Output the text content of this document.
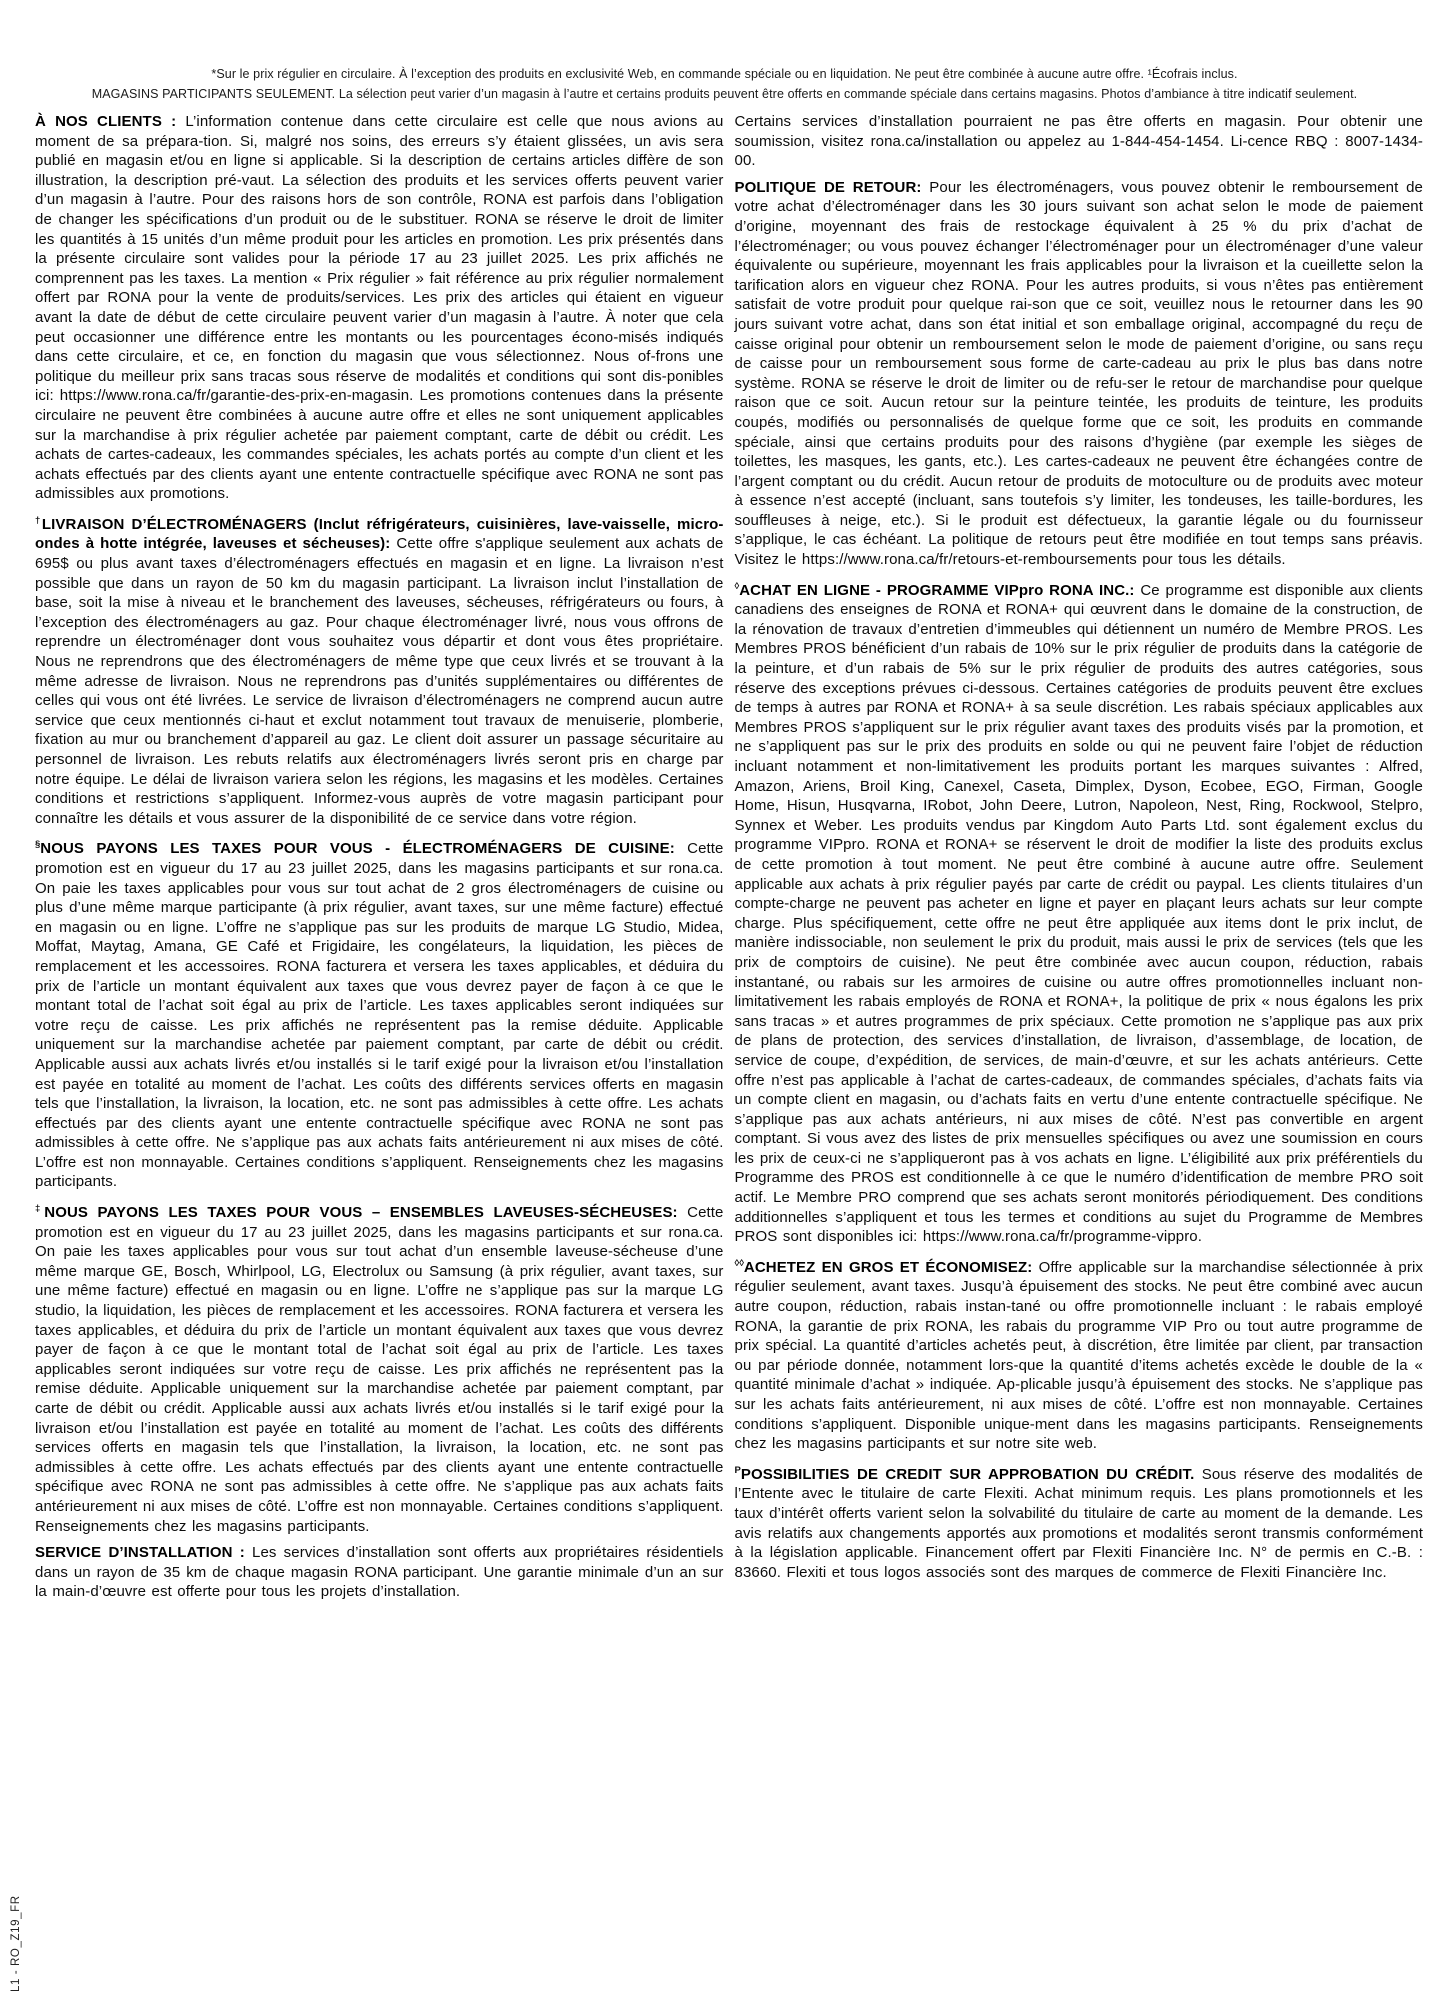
*Sur le prix régulier en circulaire. À l’exception des produits en exclusivité Web, en commande spéciale ou en liquidation. Ne peut être combinée à aucune autre offre. ¹Écofrais inclus.
MAGASINS PARTICIPANTS SEULEMENT. La sélection peut varier d’un magasin à l’autre et certains produits peuvent être offerts en commande spéciale dans certains magasins. Photos d’ambiance à titre indicatif seulement.

À NOS CLIENTS : L’information contenue dans cette circulaire est celle que nous avions au moment de sa prépara-tion. Si, malgré nos soins, des erreurs s’y étaient glissées, un avis sera publié en magasin et/ou en ligne si applicable. Si la description de certains articles diffère de son illustration, la description pré-vaut. La sélection des produits et les services offerts peuvent varier d’un magasin à l’autre. Pour des raisons hors de son contrôle, RONA est parfois dans l’obligation de changer les spécifications d’un produit ou de le substituer. RONA se réserve le droit de limiter les quantités à 15 unités d’un même produit pour les articles en promotion. Les prix présentés dans la présente circulaire sont valides pour la période 17 au 23 juillet 2025. Les prix affichés ne comprennent pas les taxes. La mention « Prix régulier » fait référence au prix régulier normalement offert par RONA pour la vente de produits/services. Les prix des articles qui étaient en vigueur avant la date de début de cette circulaire peuvent varier d’un magasin à l’autre. À noter que cela peut occasionner une différence entre les montants ou les pourcentages écono-misés indiqués dans cette circulaire, et ce, en fonction du magasin que vous sélectionnez. Nous of-frons une politique du meilleur prix sans tracas sous réserve de modalités et conditions qui sont dis-ponibles ici: https://www.rona.ca/fr/garantie-des-prix-en-magasin. Les promotions contenues dans la présente circulaire ne peuvent être combinées à aucune autre offre et elles ne sont uniquement applicables sur la marchandise à prix régulier achetée par paiement comptant, carte de débit ou crédit. Les achats de cartes-cadeaux, les commandes spéciales, les achats portés au compte d’un client et les achats effectués par des clients ayant une entente contractuelle spécifique avec RONA ne sont pas admissibles aux promotions.

†LIVRAISON D’ÉLECTROMÉNAGERS (Inclut réfrigérateurs, cuisinières, lave-vaisselle, micro-ondes à hotte intégrée, laveuses et sécheuses): Cette offre s'applique seulement aux achats de 695$ ou plus avant taxes d’électroménagers effectués en magasin et en ligne. La livraison n’est possible que dans un rayon de 50 km du magasin participant. La livraison inclut l’installation de base, soit la mise à niveau et le branchement des laveuses, sécheuses, réfrigérateurs ou fours, à l’exception des électroménagers au gaz. Pour chaque électroménager livré, nous vous offrons de reprendre un électroménager dont vous souhaitez vous départir et dont vous êtes propriétaire. Nous ne reprendrons que des électroménagers de même type que ceux livrés et se trouvant à la même adresse de livraison. Nous ne reprendrons pas d’unités supplémentaires ou différentes de celles qui vous ont été livrées. Le service de livraison d’électroménagers ne comprend aucun autre service que ceux mentionnés ci-haut et exclut notamment tout travaux de menuiserie, plomberie, fixation au mur ou branchement d’appareil au gaz. Le client doit assurer un passage sécuritaire au personnel de livraison. Les rebuts relatifs aux électroménagers livrés seront pris en charge par notre équipe. Le délai de livraison variera selon les régions, les magasins et les modèles. Certaines conditions et restrictions s’appliquent. Informez-vous auprès de votre magasin participant pour connaître les détails et vous assurer de la disponibilité de ce service dans votre région.

§NOUS PAYONS LES TAXES POUR VOUS - ÉLECTROMÉNAGERS DE CUISINE: Cette promotion est en vigueur du 17 au 23 juillet 2025, dans les magasins participants et sur rona.ca. On paie les taxes applicables pour vous sur tout achat de 2 gros électroménagers de cuisine ou plus d’une même marque participante (à prix régulier, avant taxes, sur une même facture) effectué en magasin ou en ligne. L’offre ne s’applique pas sur les produits de marque LG Studio, Midea, Moffat, Maytag, Amana, GE Café et Frigidaire, les congélateurs, la liquidation, les pièces de remplacement et les accessoires. RONA facturera et versera les taxes applicables, et déduira du prix de l’article un montant équivalent aux taxes que vous devrez payer de façon à ce que le montant total de l’achat soit égal au prix de l’article. Les taxes applicables seront indiquées sur votre reçu de caisse. Les prix affichés ne représentent pas la remise déduite. Applicable uniquement sur la marchandise achetée par paiement comptant, par carte de débit ou crédit. Applicable aussi aux achats livrés et/ou installés si le tarif exigé pour la livraison et/ou l’installation est payée en totalité au moment de l’achat. Les coûts des différents services offerts en magasin tels que l’installation, la livraison, la location, etc. ne sont pas admissibles à cette offre. Les achats effectués par des clients ayant une entente contractuelle spécifique avec RONA ne sont pas admissibles à cette offre. Ne s’applique pas aux achats faits antérieurement ni aux mises de côté. L’offre est non monnayable. Certaines conditions s’appliquent. Renseignements chez les magasins participants.

‡NOUS PAYONS LES TAXES POUR VOUS – ENSEMBLES LAVEUSES-SÉCHEUSES: Cette promotion est en vigueur du 17 au 23 juillet 2025, dans les magasins participants et sur rona.ca. On paie les taxes applicables pour vous sur tout achat d’un ensemble laveuse-sécheuse d’une même marque GE, Bosch, Whirlpool, LG, Electrolux ou Samsung (à prix régulier, avant taxes, sur une même facture) effectué en magasin ou en ligne. L’offre ne s’applique pas sur la marque LG studio, la liquidation, les pièces de remplacement et les accessoires. RONA facturera et versera les taxes applicables, et déduira du prix de l’article un montant équivalent aux taxes que vous devrez payer de façon à ce que le montant total de l’achat soit égal au prix de l’article. Les taxes applicables seront indiquées sur votre reçu de caisse. Les prix affichés ne représentent pas la remise déduite. Applicable uniquement sur la marchandise achetée par paiement comptant, par carte de débit ou crédit. Applicable aussi aux achats livrés et/ou installés si le tarif exigé pour la livraison et/ou l’installation est payée en totalité au moment de l’achat. Les coûts des différents services offerts en magasin tels que l’installation, la livraison, la location, etc. ne sont pas admissibles à cette offre. Les achats effectués par des clients ayant une entente contractuelle spécifique avec RONA ne sont pas admissibles à cette offre. Ne s’applique pas aux achats faits antérieurement ni aux mises de côté. L’offre est non monnayable. Certaines conditions s’appliquent. Renseignements chez les magasins participants.

SERVICE D’INSTALLATION : Les services d’installation sont offerts aux propriétaires résidentiels dans un rayon de 35 km de chaque magasin RONA participant. Une garantie minimale d’un an sur la main-d’œuvre est offerte pour tous les projets d’installation.

Certains services d’installation pourraient ne pas être offerts en magasin. Pour obtenir une soumission, visitez rona.ca/installation ou appelez au 1-844-454-1454. Li-cence RBQ : 8007-1434-00.

POLITIQUE DE RETOUR: Pour les électroménagers, vous pouvez obtenir le remboursement de votre achat d’électroménager dans les 30 jours suivant son achat selon le mode de paiement d’origine, moyennant des frais de restockage équivalent à 25 % du prix d’achat de l’électroménager; ou vous pouvez échanger l’électroménager pour un électroménager d’une valeur équivalente ou supérieure, moyennant les frais applicables pour la livraison et la cueillette selon la tarification alors en vigueur chez RONA. Pour les autres produits, si vous n’êtes pas entièrement satisfait de votre produit pour quelque rai-son que ce soit, veuillez nous le retourner dans les 90 jours suivant votre achat, dans son état initial et son emballage original, accompagné du reçu de caisse original pour obtenir un remboursement selon le mode de paiement d’origine, ou sans reçu de caisse pour un remboursement sous forme de carte-cadeau au prix le plus bas dans notre système. RONA se réserve le droit de limiter ou de refu-ser le retour de marchandise pour quelque raison que ce soit. Aucun retour sur la peinture teintée, les produits de teinture, les produits coupés, modifiés ou personnalisés de quelque forme que ce soit, les produits en commande spéciale, ainsi que certains produits pour des raisons d’hygiène (par exemple les sièges de toilettes, les masques, les gants, etc.). Les cartes-cadeaux ne peuvent être échangées contre de l’argent comptant ou du crédit. Aucun retour de produits de motoculture ou de produits avec moteur à essence n’est accepté (incluant, sans toutefois s’y limiter, les tondeuses, les taille-bordures, les souffleuses à neige, etc.). Si le produit est défectueux, la garantie légale ou du fournisseur s’applique, le cas échéant. La politique de retours peut être modifiée en tout temps sans préavis. Visitez le https://www.rona.ca/fr/retours-et-remboursements pour tous les détails.

◊ACHAT EN LIGNE - PROGRAMME VIPpro RONA INC.: Ce programme est disponible aux clients canadiens des enseignes de RONA et RONA+ qui œuvrent dans le domaine de la construction, de la rénovation de travaux d’entretien d’immeubles qui détiennent un numéro de Membre PROS. Les Membres PROS bénéficient d’un rabais de 10% sur le prix régulier de produits dans la catégorie de la peinture, et d’un rabais de 5% sur le prix régulier de produits des autres catégories, sous réserve des exceptions prévues ci-dessous. Certaines catégories de produits peuvent être exclues de temps à autres par RONA et RONA+ à sa seule discrétion. Les rabais spéciaux applicables aux Membres PROS s’appliquent sur le prix régulier avant taxes des produits visés par la promotion, et ne s’appliquent pas sur le prix des produits en solde ou qui ne peuvent faire l’objet de réduction incluant notamment et non-limitativement les produits portant les marques suivantes : Alfred, Amazon, Ariens, Broil King, Canexel, Caseta, Dimplex, Dyson, Ecobee, EGO, Firman, Google Home, Hisun, Husqvarna, IRobot, John Deere, Lutron, Napoleon, Nest, Ring, Rockwool, Stelpro, Synnex et Weber. Les produits vendus par Kingdom Auto Parts Ltd. sont également exclus du programme VIPpro. RONA et RONA+ se réservent le droit de modifier la liste des produits exclus de cette promotion à tout moment. Ne peut être combiné à aucune autre offre. Seulement applicable aux achats à prix régulier payés par carte de crédit ou paypal. Les clients titulaires d’un compte-charge ne peuvent pas acheter en ligne et payer en plaçant leurs achats sur leur compte charge. Plus spécifiquement, cette offre ne peut être appliquée aux items dont le prix inclut, de manière indissociable, non seulement le prix du produit, mais aussi le prix de services (tels que les prix de comptoirs de cuisine). Ne peut être combinée avec aucun coupon, réduction, rabais instantané, ou rabais sur les armoires de cuisine ou autre offres promotionnelles incluant non-limitativement les rabais employés de RONA et RONA+, la politique de prix « nous égalons les prix sans tracas » et autres programmes de prix spéciaux. Cette promotion ne s’applique pas aux prix de plans de protection, des services d’installation, de livraison, d’assemblage, de location, de service de coupe, d’expédition, de services, de main-d’œuvre, et sur les achats antérieurs. Cette offre n’est pas applicable à l’achat de cartes-cadeaux, de commandes spéciales, d’achats faits via un compte client en magasin, ou d’achats faits en vertu d’une entente contractuelle spécifique. Ne s’applique pas aux achats antérieurs, ni aux mises de côté. N’est pas convertible en argent comptant. Si vous avez des listes de prix mensuelles spécifiques ou avez une soumission en cours les prix de ceux-ci ne s’appliqueront pas à vos achats en ligne. L’éligibilité aux prix préférentiels du Programme des PROS est conditionnelle à ce que le numéro d’identification de membre PRO soit actif. Le Membre PRO comprend que ses achats seront monitorés périodiquement. Des conditions additionnelles s’appliquent et tous les termes et conditions au sujet du Programme de Membres PROS sont disponibles ici: https://www.rona.ca/fr/programme-vippro.

◊◊ACHETEZ EN GROS ET ÉCONOMISEZ: Offre applicable sur la marchandise sélectionnée à prix régulier seulement, avant taxes. Jusqu’à épuisement des stocks. Ne peut être combiné avec aucun autre coupon, réduction, rabais instan-tané ou offre promotionnelle incluant : le rabais employé RONA, la garantie de prix RONA, les rabais du programme VIP Pro ou tout autre programme de prix spécial. La quantité d’articles achetés peut, à discrétion, être limitée par client, par transaction ou par période donnée, notamment lors-que la quantité d’items achetés excède le double de la « quantité minimale d’achat » indiquée. Ap-plicable jusqu’à épuisement des stocks. Ne s’applique pas sur les achats faits antérieurement, ni aux mises de côté. L’offre est non monnayable. Certaines conditions s’appliquent. Disponible unique-ment dans les magasins participants. Renseignements chez les magasins participants et sur notre site web.

$^P$POSSIBILITIES DE CREDIT SUR APPROBATION DU CRÉDIT. Sous réserve des modalités de l’Entente avec le titulaire de carte Flexiti. Achat minimum requis. Les plans promotionnels et les taux d’intérêt offerts varient selon la solvabilité du titulaire de carte au moment de la demande. Les avis relatifs aux changements apportés aux promotions et modalités seront transmis conformément à la législation applicable. Financement offert par Flexiti Financière Inc. N° de permis en C.-B. : 83660. Flexiti et tous logos associés sont des marques de commerce de Flexiti Financière Inc.

L1 - RO_Z19_FR
